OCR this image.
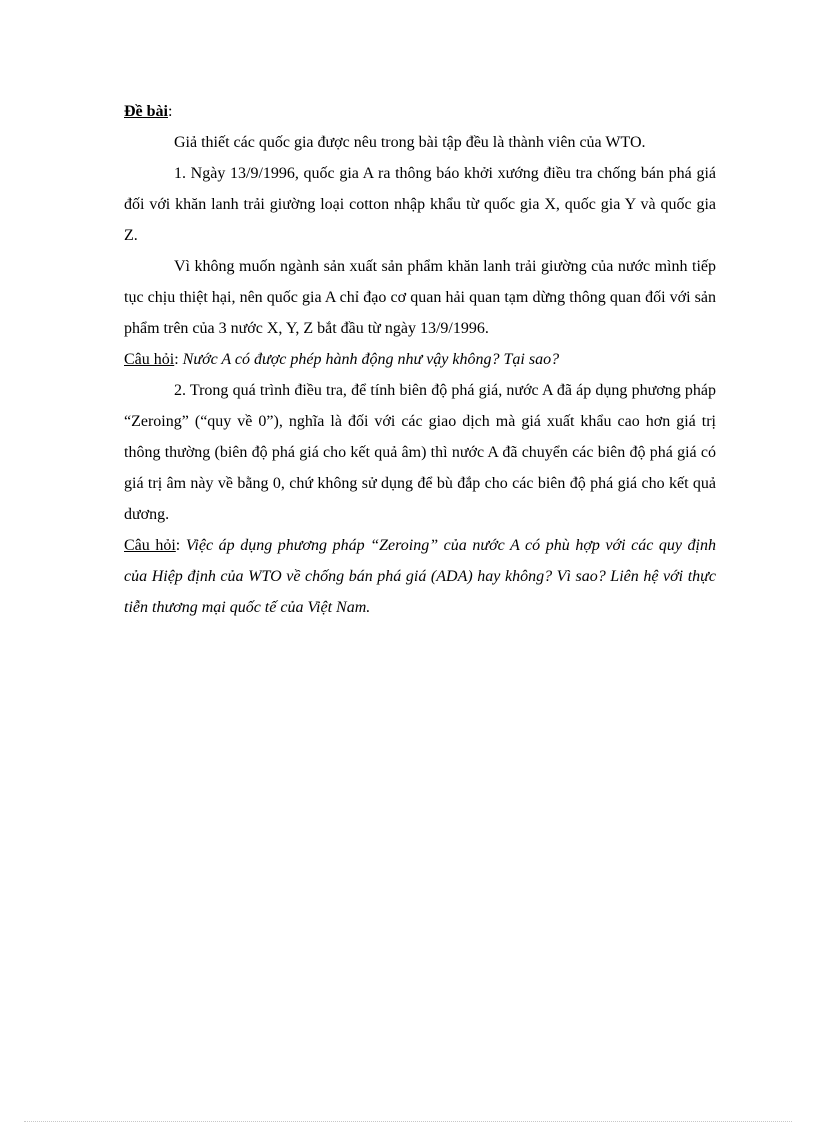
Đề bài:

Giả thiết các quốc gia được nêu trong bài tập đều là thành viên của WTO.

1. Ngày 13/9/1996, quốc gia A ra thông báo khởi xướng điều tra chống bán phá giá đối với khăn lanh trải giường loại cotton nhập khẩu từ quốc gia X, quốc gia Y và quốc gia Z.

Vì không muốn ngành sản xuất sản phẩm khăn lanh trải giường của nước mình tiếp tục chịu thiệt hại, nên quốc gia A chỉ đạo cơ quan hải quan tạm dừng thông quan đối với sản phẩm trên của 3 nước X, Y, Z bắt đầu từ ngày 13/9/1996.

Câu hỏi: Nước A có được phép hành động như vậy không? Tại sao?

2. Trong quá trình điều tra, để tính biên độ phá giá, nước A đã áp dụng phương pháp “Zeroing” (“quy về 0”), nghĩa là đối với các giao dịch mà giá xuất khẩu cao hơn giá trị thông thường (biên độ phá giá cho kết quả âm) thì nước A đã chuyển các biên độ phá giá có giá trị âm này về bằng 0, chứ không sử dụng để bù đắp cho các biên độ phá giá cho kết quả dương.

Câu hỏi: Việc áp dụng phương pháp “Zeroing” của nước A có phù hợp với các quy định của Hiệp định của WTO về chống bán phá giá (ADA) hay không? Vì sao? Liên hệ với thực tiễn thương mại quốc tế của Việt Nam.
